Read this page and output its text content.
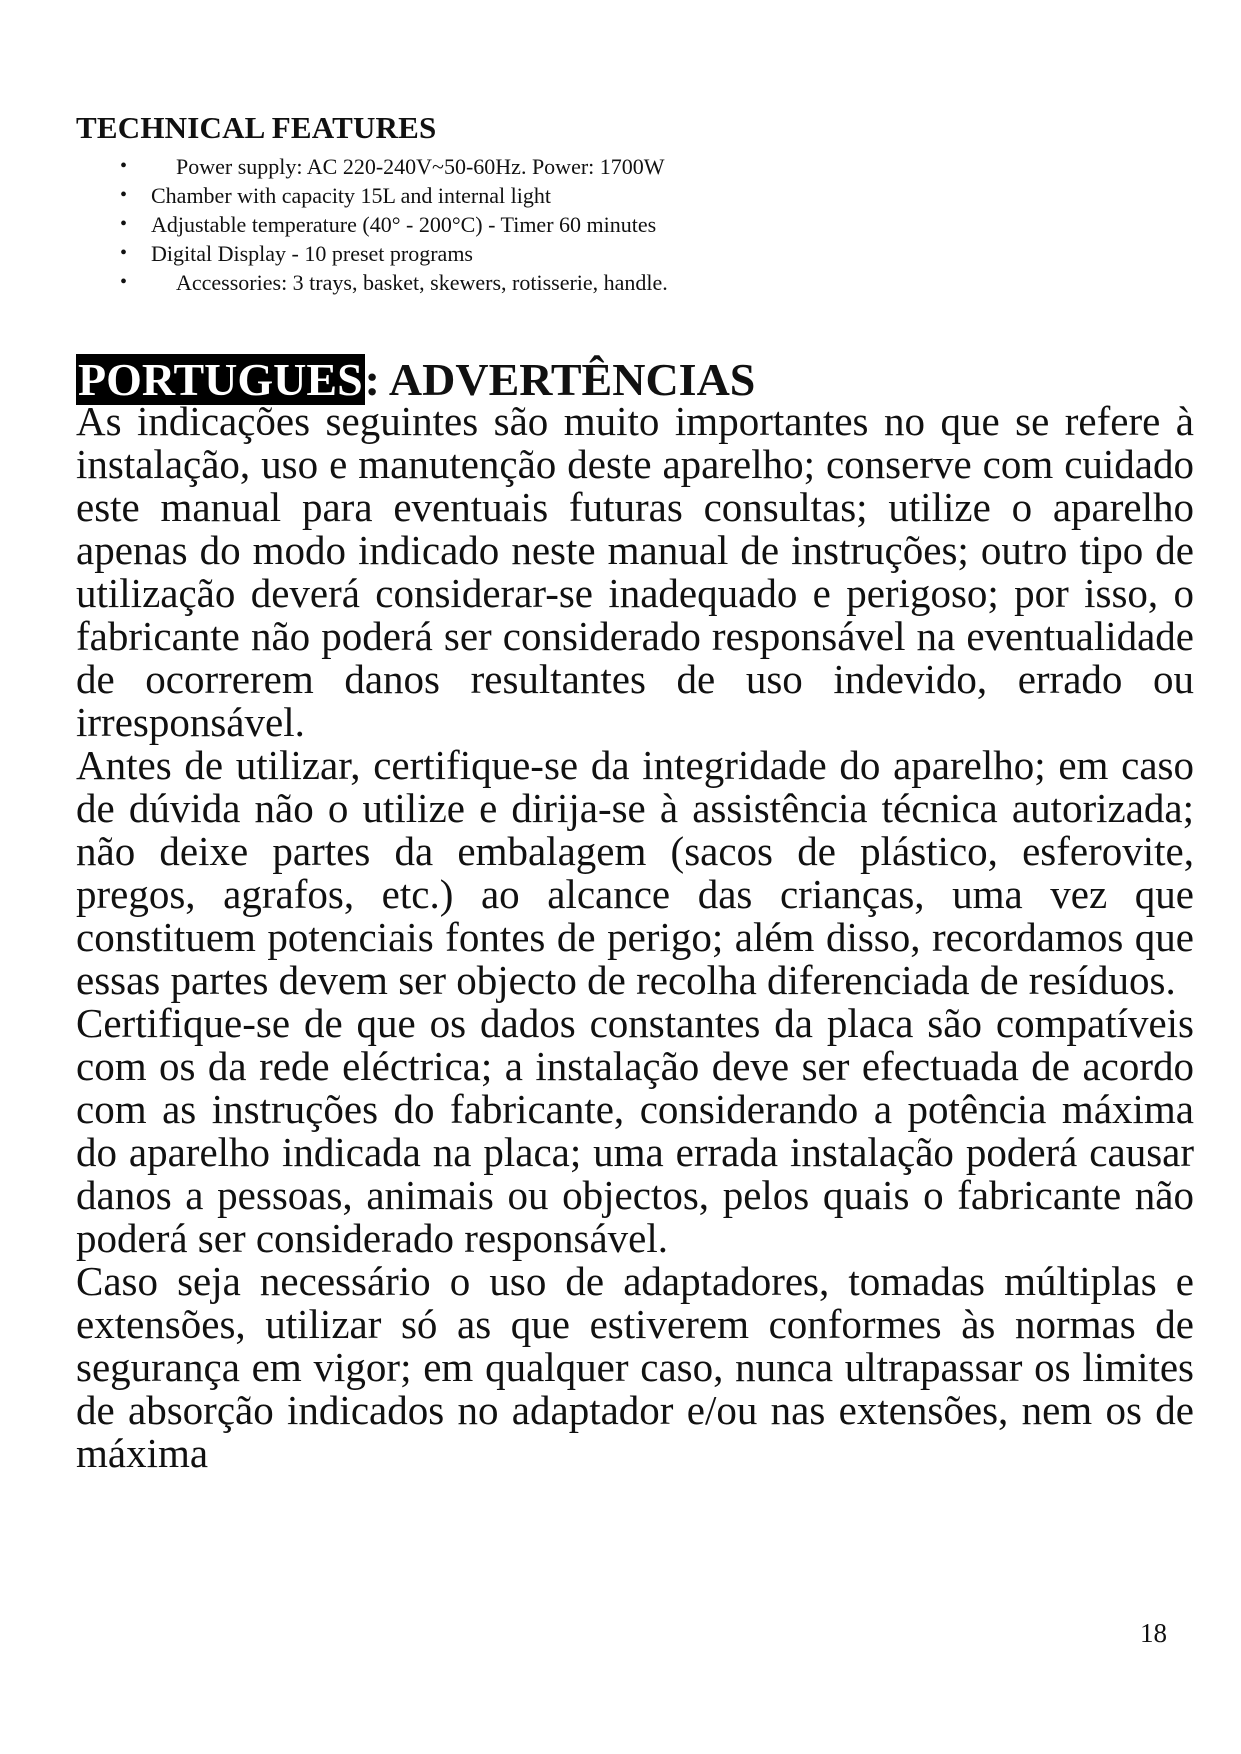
TECHNICAL FEATURES
• Power supply: AC 220-240V~50-60Hz. Power: 1700W
• Chamber with capacity 15L and internal light
• Adjustable temperature (40° - 200°C) - Timer 60 minutes
• Digital Display - 10 preset programs
• Accessories: 3 trays, basket, skewers, rotisserie, handle.
PORTUGUES: ADVERTÊNCIAS

As indicações seguintes são muito importantes no que se refere à instalação, uso e manutenção deste aparelho; conserve com cuidado este manual para eventuais futuras consultas; utilize o aparelho apenas do modo indicado neste manual de instruções; outro tipo de utilização deverá considerar-se inadequado e perigoso; por isso, o fabricante não poderá ser considerado responsável na eventualidade de ocorrerem danos resultantes de uso indevido, errado ou irresponsável.

Antes de utilizar, certifique-se da integridade do aparelho; em caso de dúvida não o utilize e dirija-se à assistência técnica autorizada; não deixe partes da embalagem (sacos de plástico, esferovite, pregos, agrafos, etc.) ao alcance das crianças, uma vez que constituem potenciais fontes de perigo; além disso, recordamos que essas partes devem ser objecto de recolha diferenciada de resíduos.

Certifique-se de que os dados constantes da placa são compatíveis com os da rede eléctrica; a instalação deve ser efectuada de acordo com as instruções do fabricante, considerando a potência máxima do aparelho indicada na placa; uma errada instalação poderá causar danos a pessoas, animais ou objectos, pelos quais o fabricante não poderá ser considerado responsável.

Caso seja necessário o uso de adaptadores, tomadas múltiplas e extensões, utilizar só as que estiverem conformes às normas de segurança em vigor; em qualquer caso, nunca ultrapassar os limites de absorção indicados no adaptador e/ou nas extensões, nem os de máxima

18
